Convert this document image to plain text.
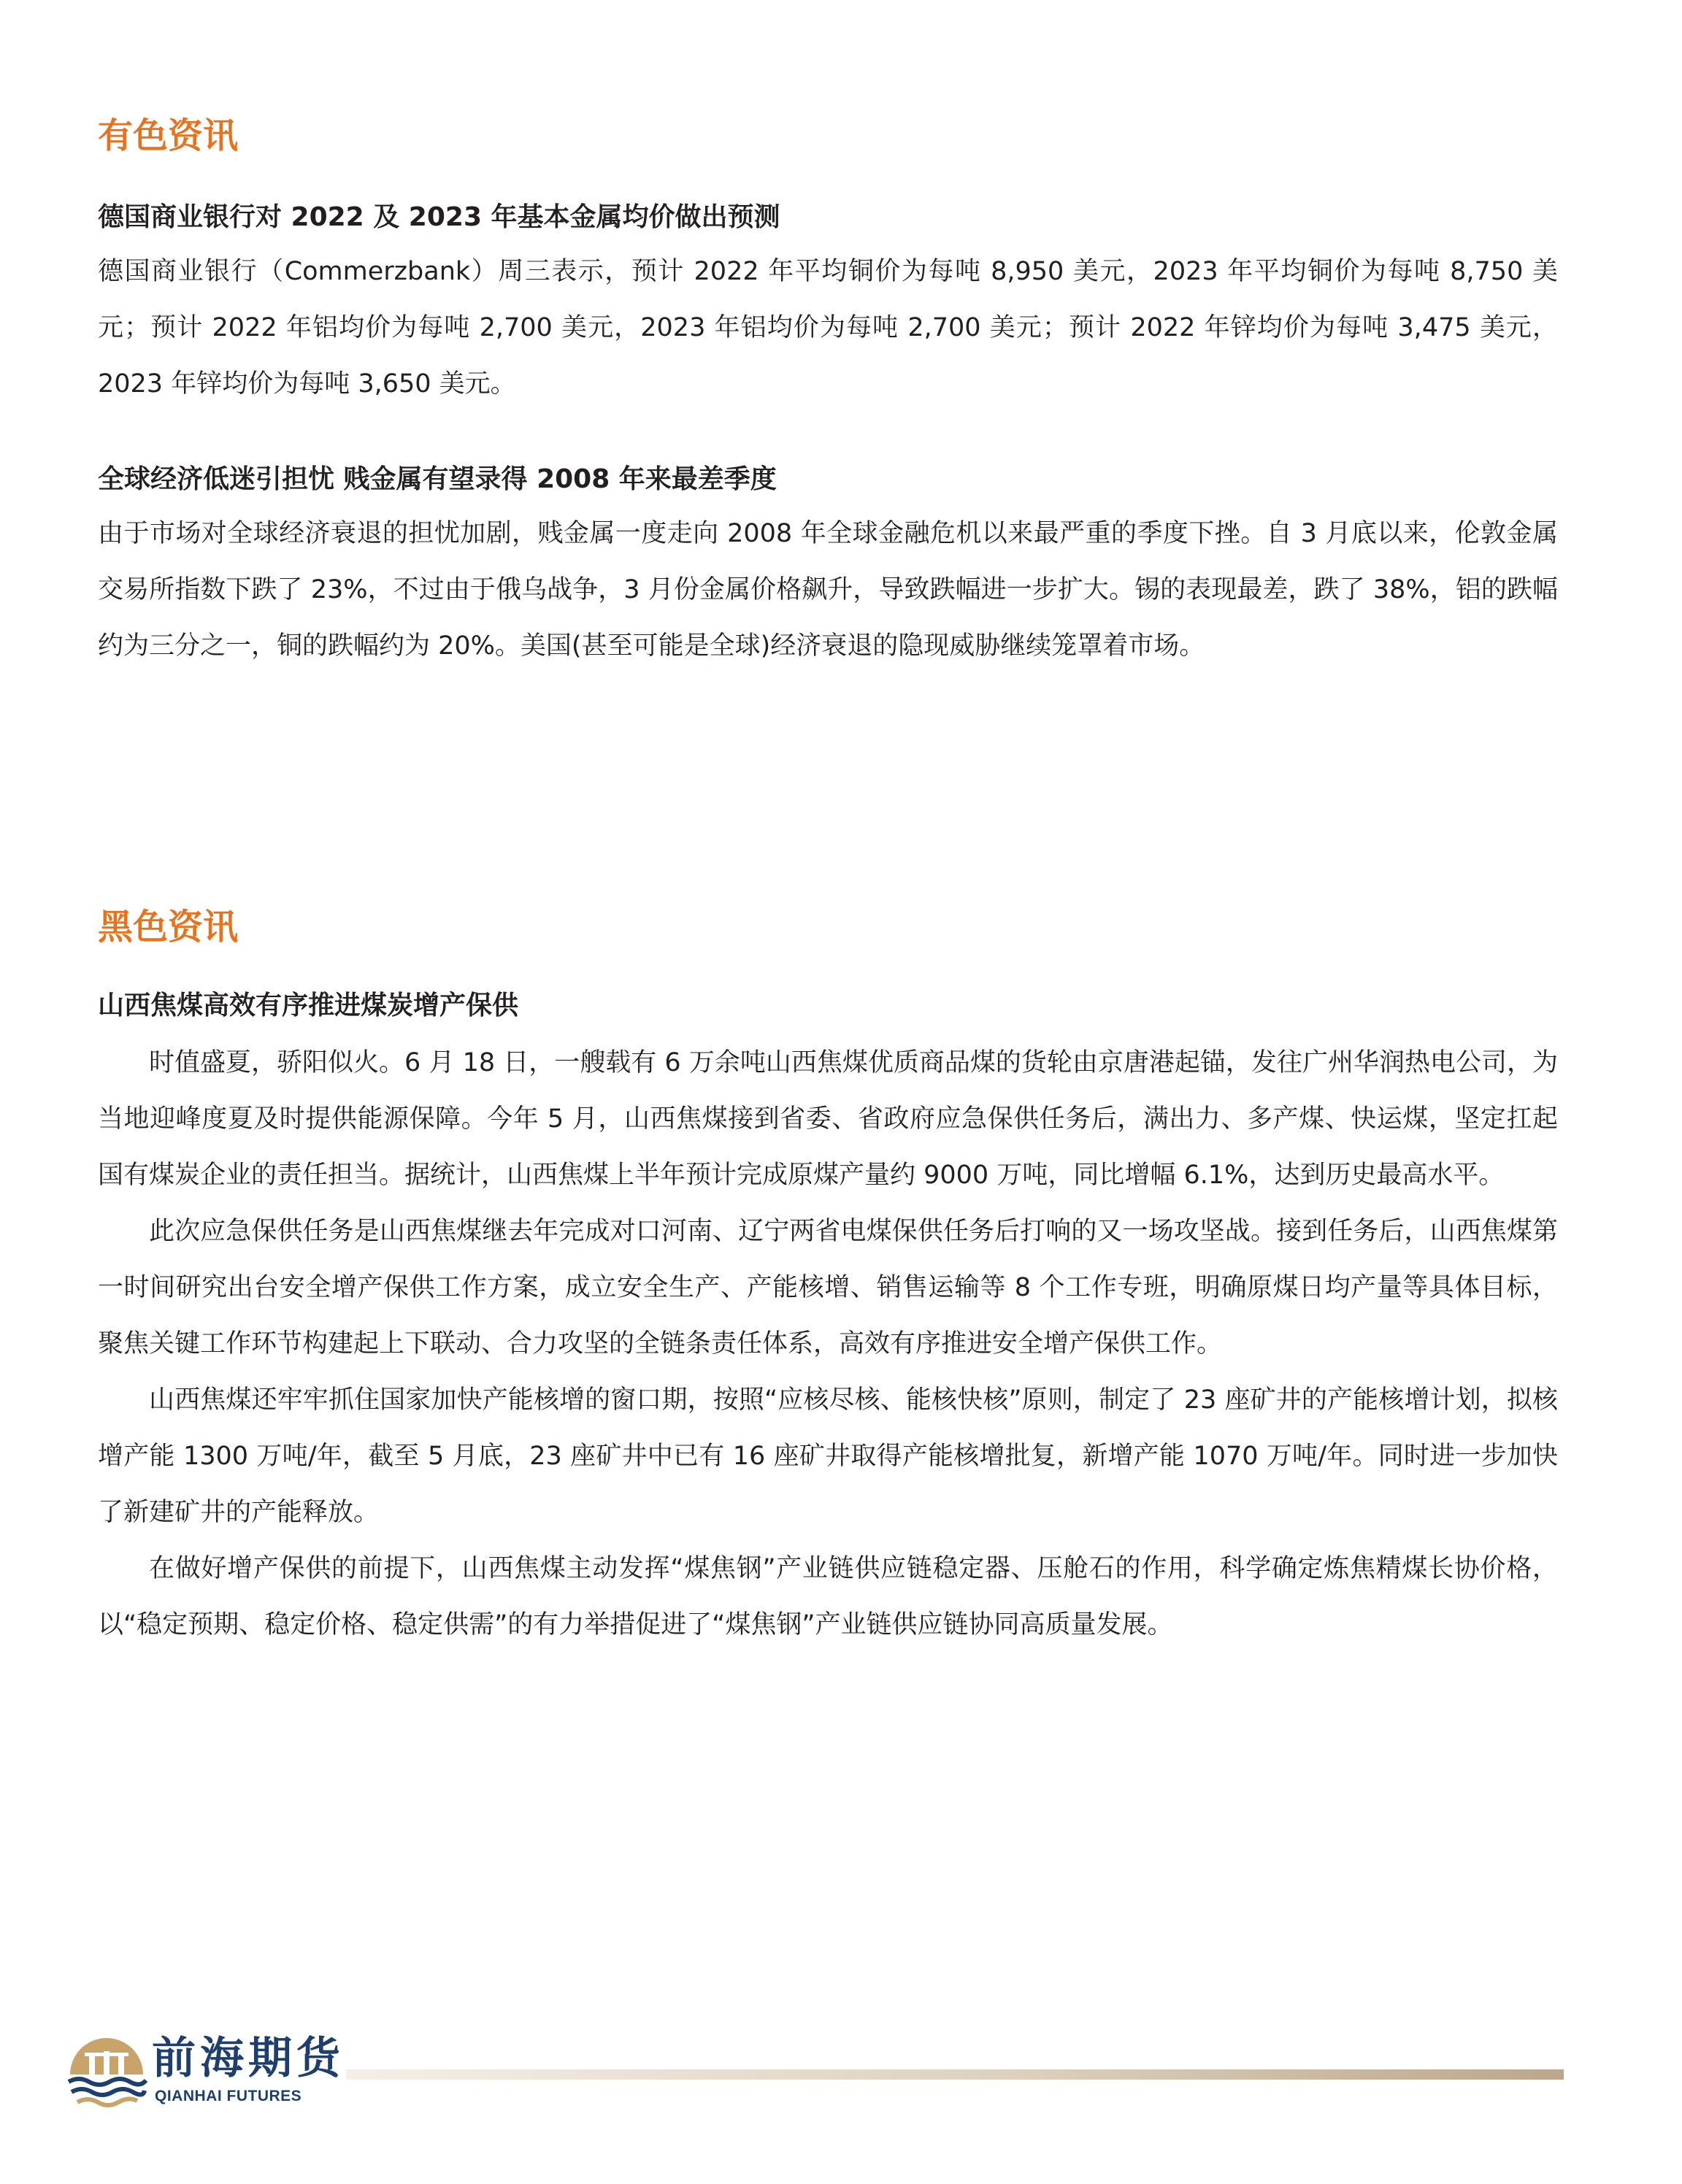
有色资讯
德国商业银行对 2022 及 2023 年基本金属均价做出预测

德国商业银行（Commerzbank）周三表示，预计 2022 年平均铜价为每吨 8,950 美元，2023 年平均铜价为每吨 8,750 美元；预计 2022 年铝均价为每吨 2,700 美元，2023 年铝均价为每吨 2,700 美元；预计 2022 年锌均价为每吨 3,475 美元，2023 年锌均价为每吨 3,650 美元。

全球经济低迷引担忧 贱金属有望录得 2008 年来最差季度

由于市场对全球经济衰退的担忧加剧，贱金属一度走向 2008 年全球金融危机以来最严重的季度下挫。自 3 月底以来，伦敦金属交易所指数下跌了 23%，不过由于俄乌战争，3 月份金属价格飙升，导致跌幅进一步扩大。锡的表现最差，跌了 38%，铝的跌幅约为三分之一，铜的跌幅约为 20%。美国(甚至可能是全球)经济衰退的隐现威胁继续笼罩着市场。

黑色资讯
山西焦煤高效有序推进煤炭增产保供

时值盛夏，骄阳似火。6 月 18 日，一艘载有 6 万余吨山西焦煤优质商品煤的货轮由京唐港起锚，发往广州华润热电公司，为当地迎峰度夏及时提供能源保障。今年 5 月，山西焦煤接到省委、省政府应急保供任务后，满出力、多产煤、快运煤，坚定扛起国有煤炭企业的责任担当。据统计，山西焦煤上半年预计完成原煤产量约 9000 万吨，同比增幅 6.1%，达到历史最高水平。

此次应急保供任务是山西焦煤继去年完成对口河南、辽宁两省电煤保供任务后打响的又一场攻坚战。接到任务后，山西焦煤第一时间研究出台安全增产保供工作方案，成立安全生产、产能核增、销售运输等 8 个工作专班，明确原煤日均产量等具体目标，聚焦关键工作环节构建起上下联动、合力攻坚的全链条责任体系，高效有序推进安全增产保供工作。

山西焦煤还牢牢抓住国家加快产能核增的窗口期，按照“应核尽核、能核快核”原则，制定了 23 座矿井的产能核增计划，拟核增产能 1300 万吨/年，截至 5 月底，23 座矿井中已有 16 座矿井取得产能核增批复，新增产能 1070 万吨/年。同时进一步加快了新建矿井的产能释放。

在做好增产保供的前提下，山西焦煤主动发挥“煤焦钢”产业链供应链稳定器、压舱石的作用，科学确定炼焦精煤长协价格，以“稳定预期、稳定价格、稳定供需”的有力举措促进了“煤焦钢”产业链供应链协同高质量发展。

前海期货
QIANHAI FUTURES
